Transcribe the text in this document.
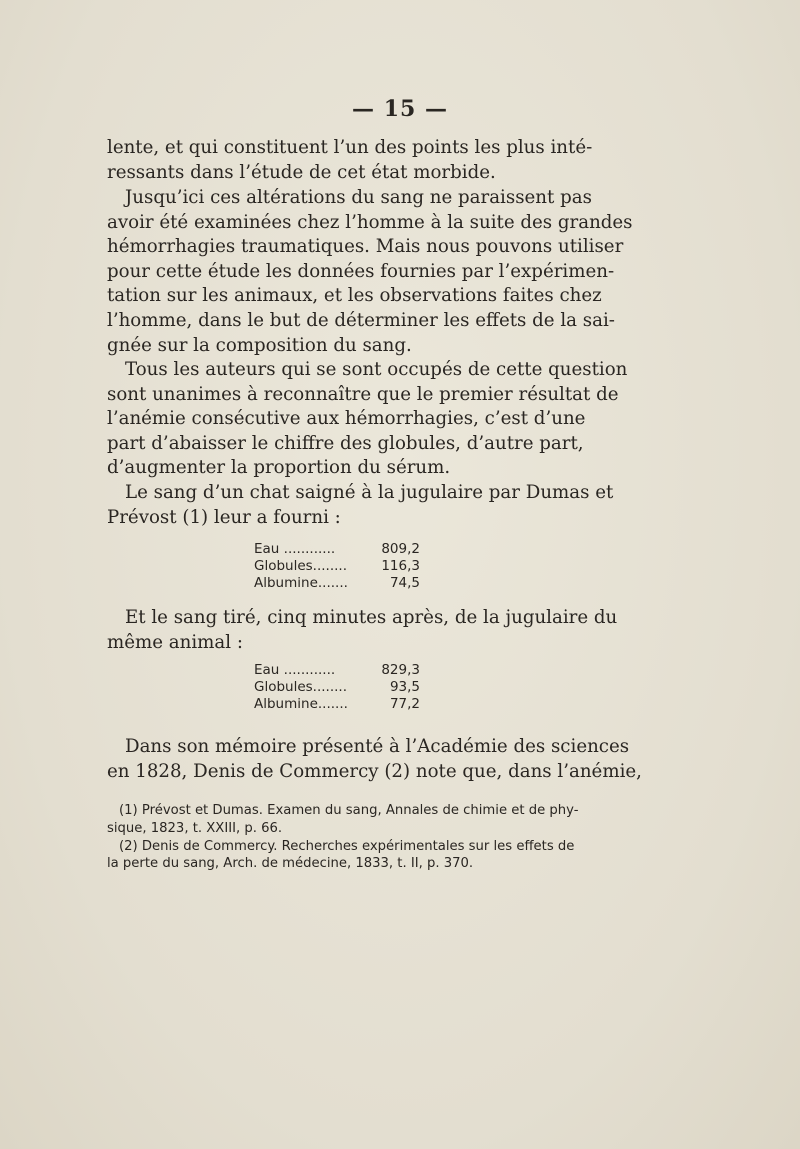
— 15 —
lente, et qui constituent l’un des points les plus inté-
ressants dans l’étude de cet état morbide.
Jusqu’ici ces altérations du sang ne paraissent pas
avoir été examinées chez l’homme à la suite des grandes
hémorrhagies traumatiques. Mais nous pouvons utiliser
pour cette étude les données fournies par l’expérimen-
tation sur les animaux, et les observations faites chez
l’homme, dans le but de déterminer les effets de la sai-
gnée sur la composition du sang.
Tous les auteurs qui se sont occupés de cette question
sont unanimes à reconnaître que le premier résultat de
l’anémie consécutive aux hémorrhagies, c’est d’une
part d’abaisser le chiffre des globules, d’autre part,
d’augmenter la proportion du sérum.
Le sang d’un chat saigné à la jugulaire par Dumas et
Prévost (1) leur a fourni :
Eau ............	809,2
Globules........	116,3
Albumine.......	74,5
Et le sang tiré, cinq minutes après, de la jugulaire du
même animal :
Eau ............	829,3
Globules........	93,5
Albumine.......	77,2
Dans son mémoire présenté à l’Académie des sciences
en 1828, Denis de Commercy (2) note que, dans l’anémie,
(1) Prévost et Dumas. Examen du sang, Annales de chimie et de phy-
sique, 1823, t. XXIII, p. 66.
(2) Denis de Commercy. Recherches expérimentales sur les effets de
la perte du sang, Arch. de médecine, 1833, t. II, p. 370.
